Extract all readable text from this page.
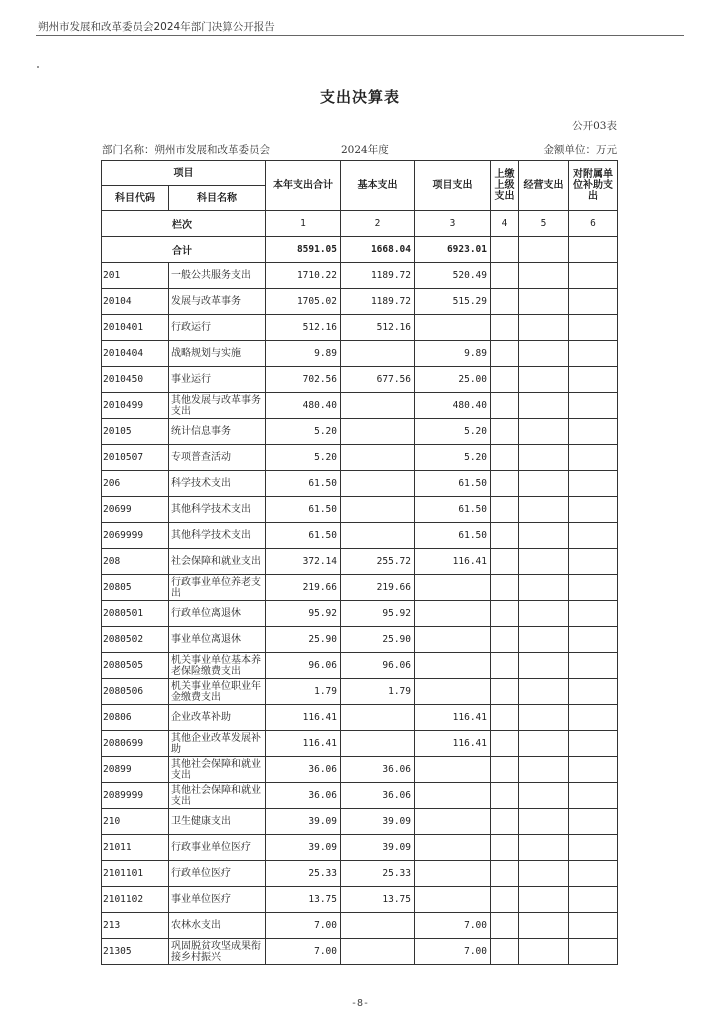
朔州市发展和改革委员会2024年部门决算公开报告
支出决算表
公开03表
部门名称：朔州市发展和改革委员会	2024年度	金额单位：万元
项目		本年支出合计	基本支出	项目支出	上缴上级支出	经营支出	对附属单位补助支出
科目代码	科目名称						
栏次		1	2	3	4	5	6
合计		8591.05	1668.04	6923.01			
201	一般公共服务支出	1710.22	1189.72	520.49			
20104	发展与改革事务	1705.02	1189.72	515.29			
2010401	行政运行	512.16	512.16				
2010404	战略规划与实施	9.89		9.89			
2010450	事业运行	702.56	677.56	25.00			
2010499	其他发展与改革事务支出	480.40		480.40			
20105	统计信息事务	5.20		5.20			
2010507	专项普查活动	5.20		5.20			
206	科学技术支出	61.50		61.50			
20699	其他科学技术支出	61.50		61.50			
2069999	其他科学技术支出	61.50		61.50			
208	社会保障和就业支出	372.14	255.72	116.41			
20805	行政事业单位养老支出	219.66	219.66				
2080501	行政单位离退休	95.92	95.92				
2080502	事业单位离退休	25.90	25.90				
2080505	机关事业单位基本养老保险缴费支出	96.06	96.06				
2080506	机关事业单位职业年金缴费支出	1.79	1.79				
20806	企业改革补助	116.41		116.41			
2080699	其他企业改革发展补助	116.41		116.41			
20899	其他社会保障和就业支出	36.06	36.06				
2089999	其他社会保障和就业支出	36.06	36.06				
210	卫生健康支出	39.09	39.09				
21011	行政事业单位医疗	39.09	39.09				
2101101	行政单位医疗	25.33	25.33				
2101102	事业单位医疗	13.75	13.75				
213	农林水支出	7.00		7.00			
21305	巩固脱贫攻坚成果衔接乡村振兴	7.00		7.00			
-8-
